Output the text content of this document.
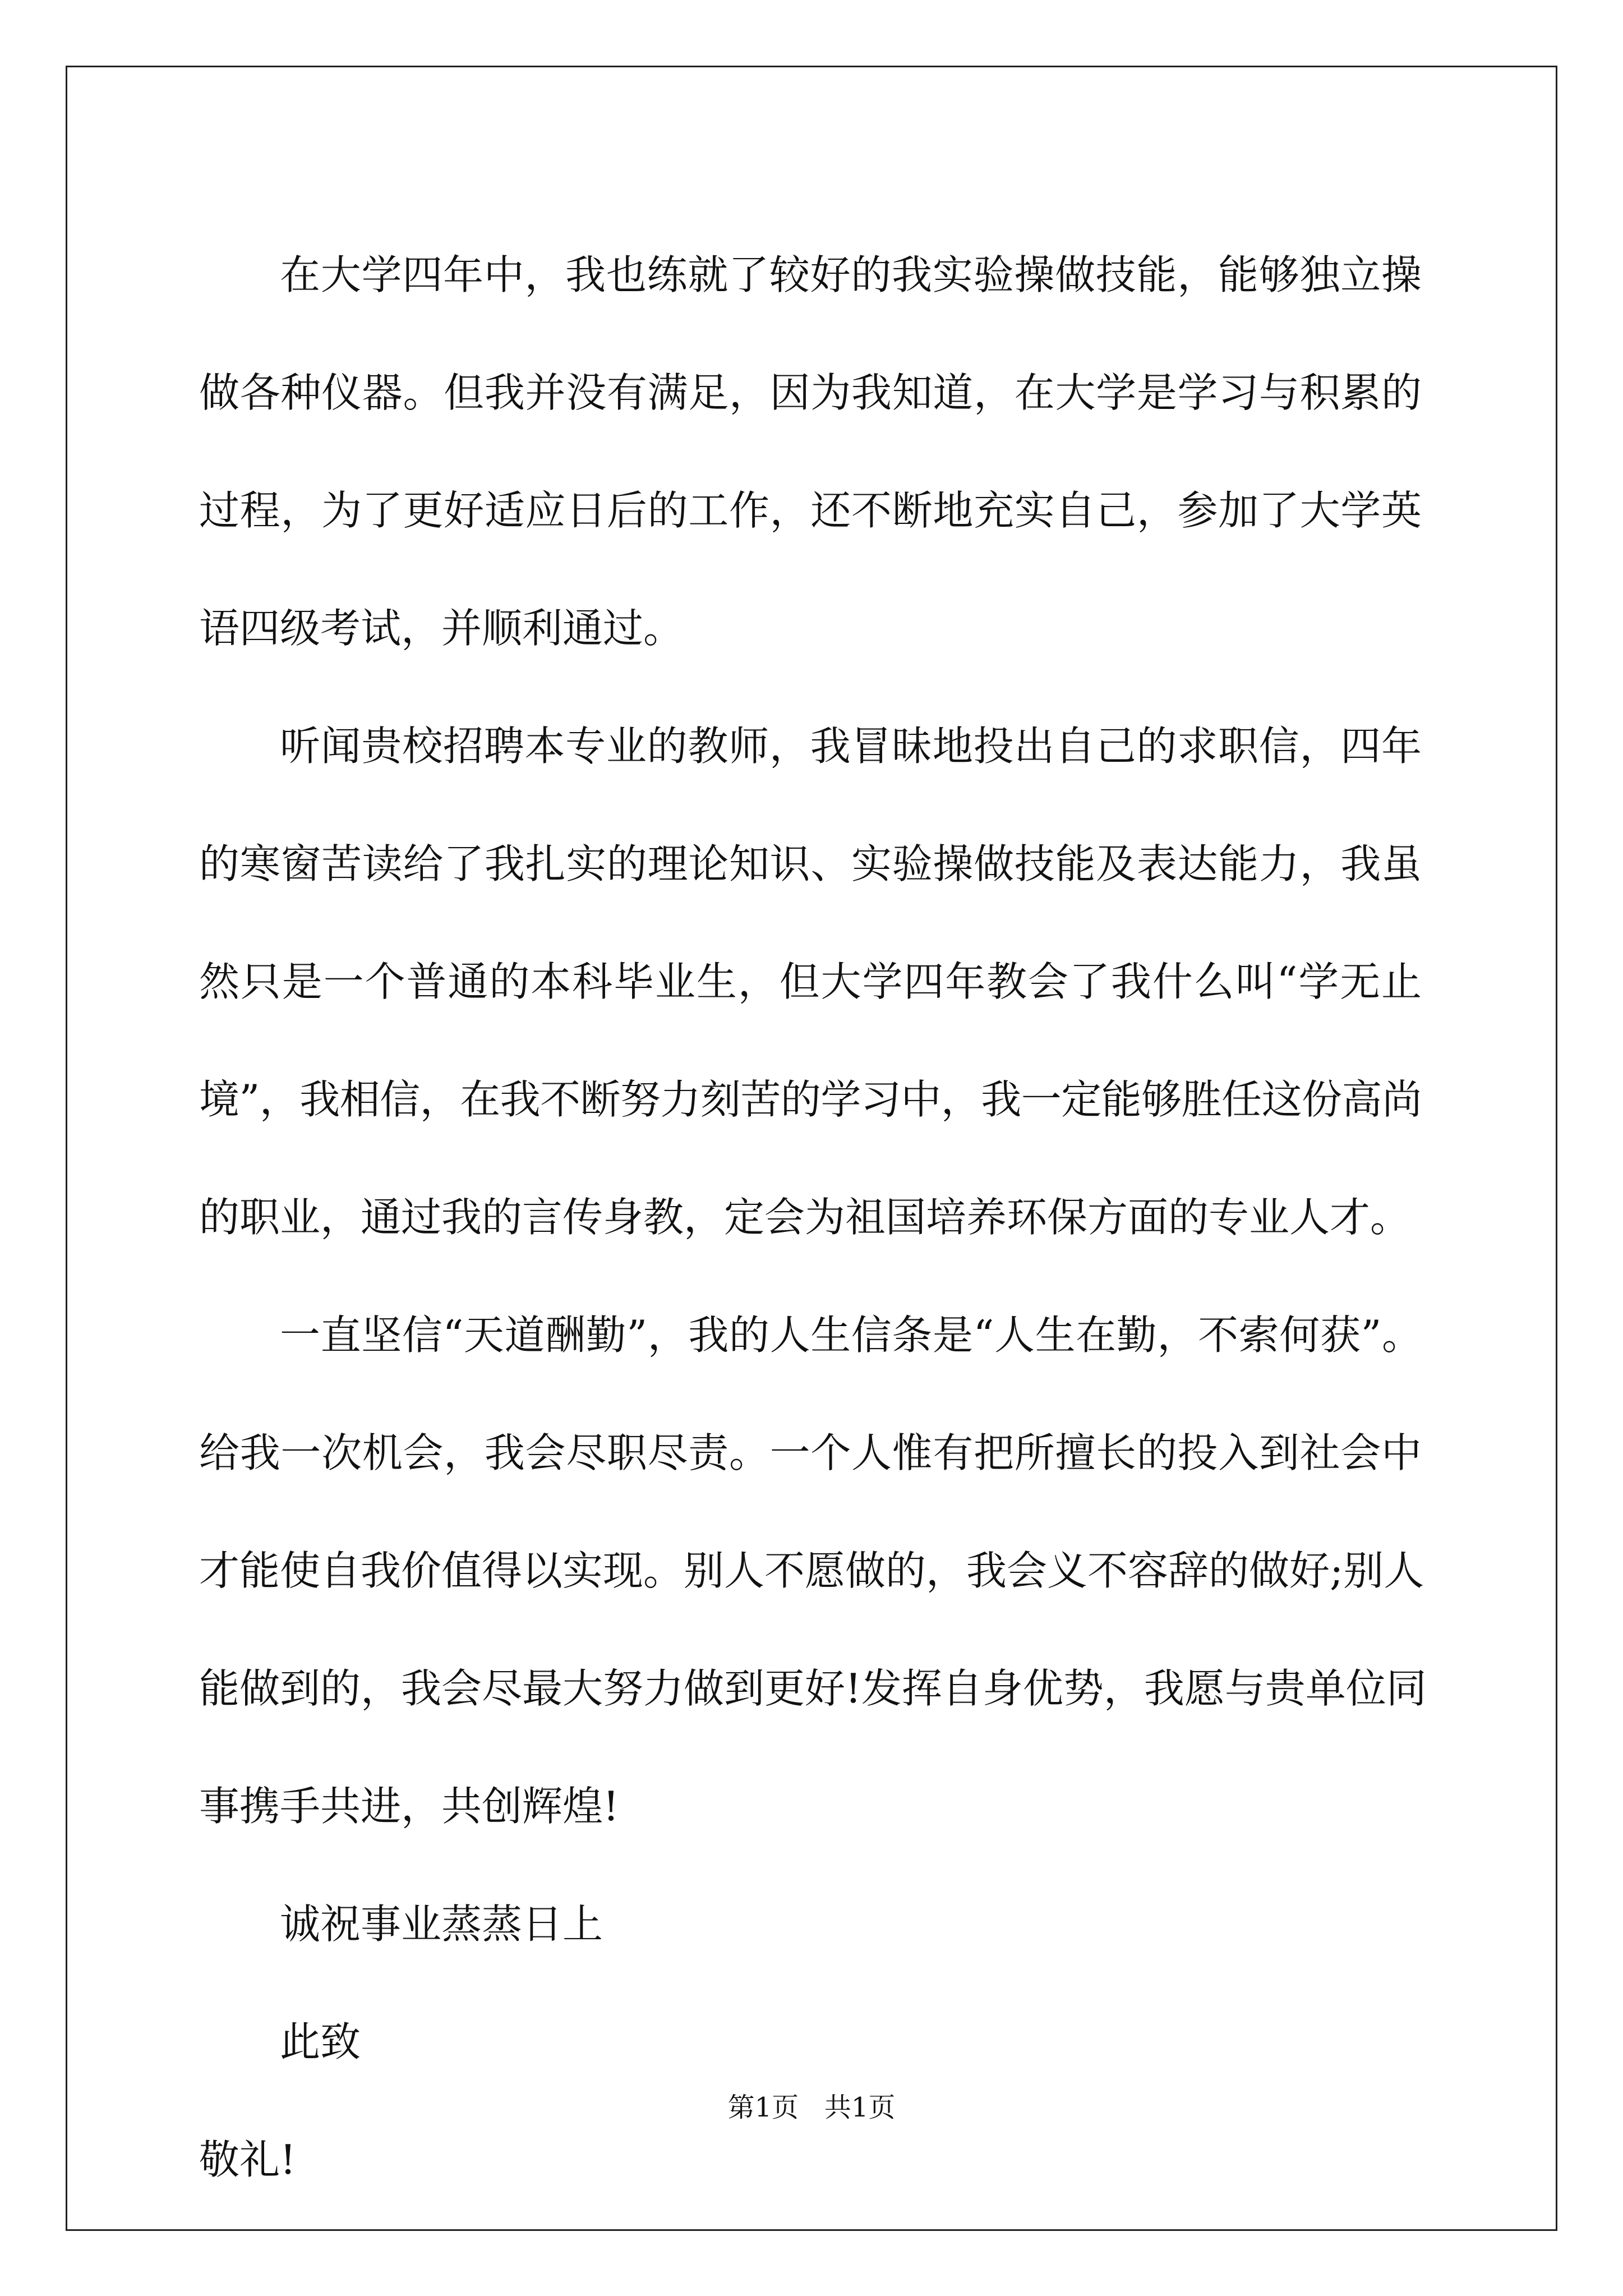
在大学四年中，我也练就了较好的我实验操做技能，能够独立操
做各种仪器。但我并没有满足，因为我知道，在大学是学习与积累的
过程，为了更好适应日后的工作，还不断地充实自己，参加了大学英
语四级考试，并顺利通过。
听闻贵校招聘本专业的教师，我冒昧地投出自己的求职信，四年
的寒窗苦读给了我扎实的理论知识、实验操做技能及表达能力，我虽
然只是一个普通的本科毕业生，但大学四年教会了我什么叫“学无止
境”，我相信，在我不断努力刻苦的学习中，我一定能够胜任这份高尚
的职业，通过我的言传身教，定会为祖国培养环保方面的专业人才。
一直坚信“天道酬勤”，我的人生信条是“人生在勤，不索何获”。
给我一次机会，我会尽职尽责。一个人惟有把所擅长的投入到社会中
才能使自我价值得以实现。别人不愿做的，我会义不容辞的做好;别人
能做到的，我会尽最大努力做到更好!发挥自身优势，我愿与贵单位同
事携手共进，共创辉煌!
诚祝事业蒸蒸日上
此致
敬礼!
第1页   共1页
